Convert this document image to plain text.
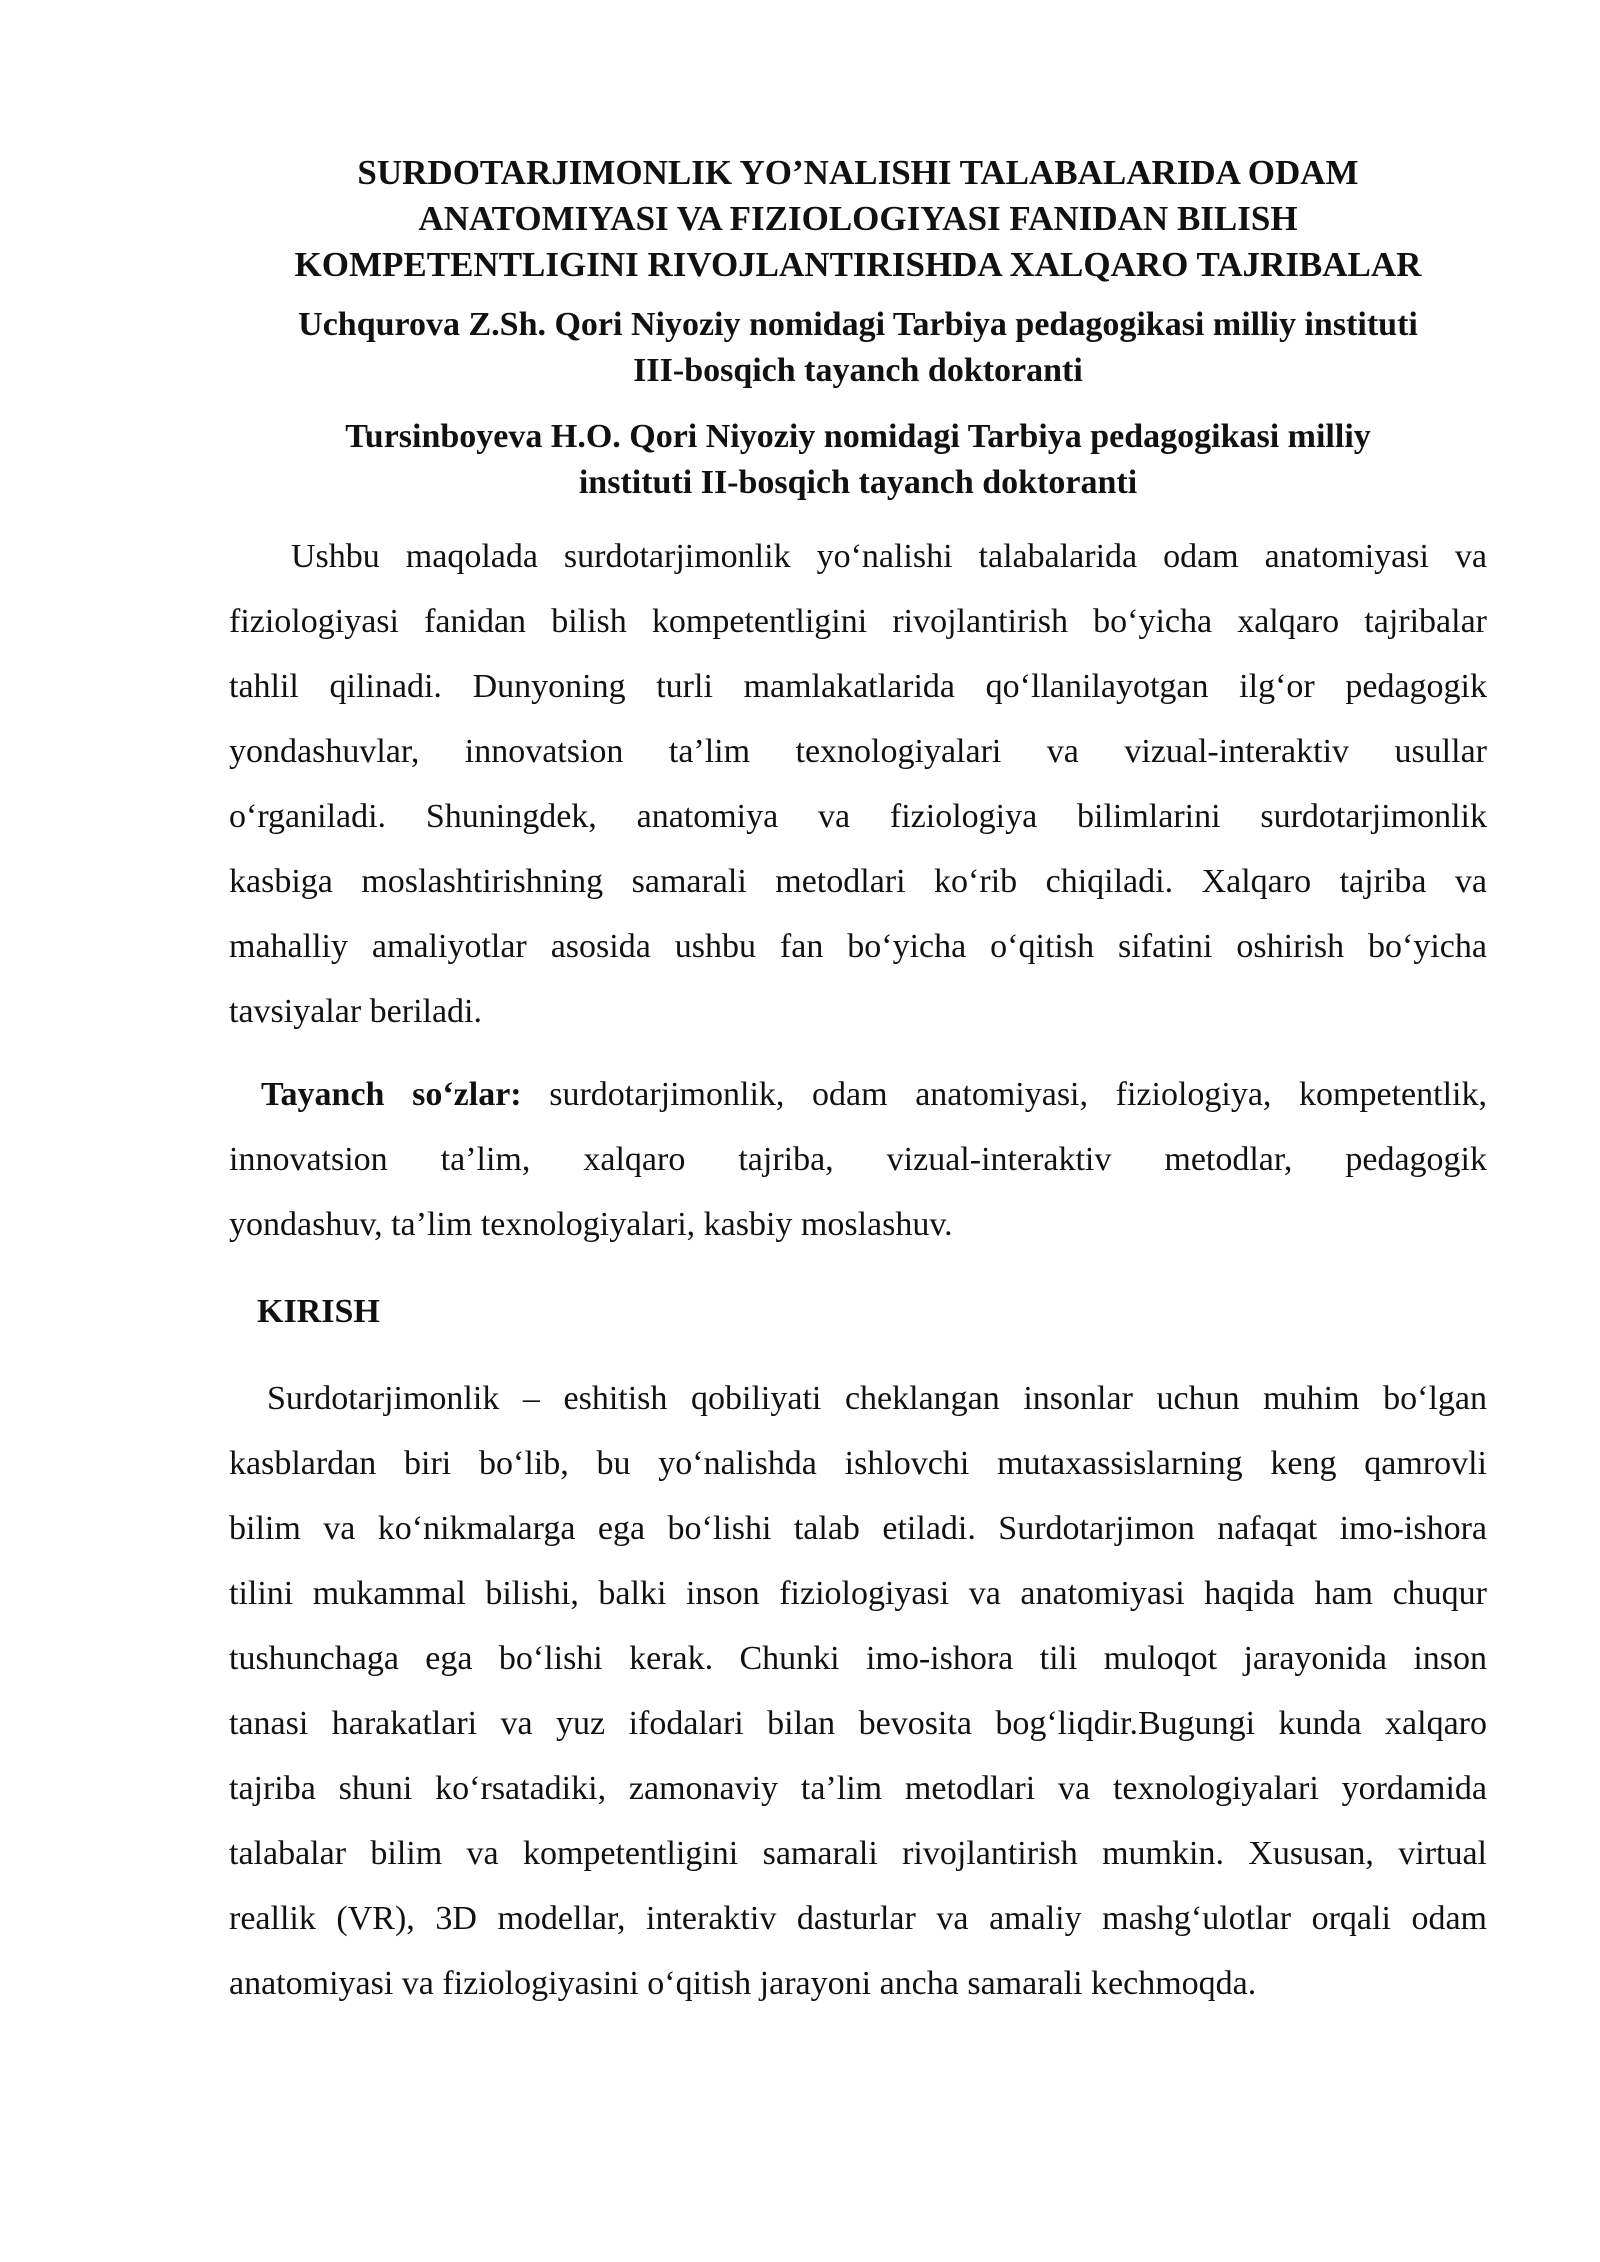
SURDOTARJIMONLIK YO’NALISHI TALABALARIDA ODAM
ANATOMIYASI VA FIZIOLOGIYASI FANIDAN BILISH
KOMPETENTLIGINI RIVOJLANTIRISHDA XALQARO TAJRIBALAR

Uchqurova Z.Sh. Qori Niyoziy nomidagi Tarbiya pedagogikasi milliy instituti
III-bosqich tayanch doktoranti

Tursinboyeva H.O. Qori Niyoziy nomidagi Tarbiya pedagogikasi milliy
instituti II-bosqich tayanch doktoranti

Ushbu maqolada surdotarjimonlik yo‘nalishi talabalarida odam anatomiyasi va
fiziologiyasi fanidan bilish kompetentligini rivojlantirish bo‘yicha xalqaro tajribalar
tahlil qilinadi. Dunyoning turli mamlakatlarida qo‘llanilayotgan ilg‘or pedagogik
yondashuvlar, innovatsion ta’lim texnologiyalari va vizual-interaktiv usullar
o‘rganiladi. Shuningdek, anatomiya va fiziologiya bilimlarini surdotarjimonlik
kasbiga moslashtirishning samarali metodlari ko‘rib chiqiladi. Xalqaro tajriba va
mahalliy amaliyotlar asosida ushbu fan bo‘yicha o‘qitish sifatini oshirish bo‘yicha
tavsiyalar beriladi.

Tayanch so‘zlar: surdotarjimonlik, odam anatomiyasi, fiziologiya, kompetentlik,
innovatsion ta’lim, xalqaro tajriba, vizual-interaktiv metodlar, pedagogik
yondashuv, ta’lim texnologiyalari, kasbiy moslashuv.

KIRISH

Surdotarjimonlik – eshitish qobiliyati cheklangan insonlar uchun muhim bo‘lgan
kasblardan biri bo‘lib, bu yo‘nalishda ishlovchi mutaxassislarning keng qamrovli
bilim va ko‘nikmalarga ega bo‘lishi talab etiladi. Surdotarjimon nafaqat imo-ishora
tilini mukammal bilishi, balki inson fiziologiyasi va anatomiyasi haqida ham chuqur
tushunchaga ega bo‘lishi kerak. Chunki imo-ishora tili muloqot jarayonida inson
tanasi harakatlari va yuz ifodalari bilan bevosita bog‘liqdir.Bugungi kunda xalqaro
tajriba shuni ko‘rsatadiki, zamonaviy ta’lim metodlari va texnologiyalari yordamida
talabalar bilim va kompetentligini samarali rivojlantirish mumkin. Xususan, virtual
reallik (VR), 3D modellar, interaktiv dasturlar va amaliy mashg‘ulotlar orqali odam
anatomiyasi va fiziologiyasini o‘qitish jarayoni ancha samarali kechmoqda.
